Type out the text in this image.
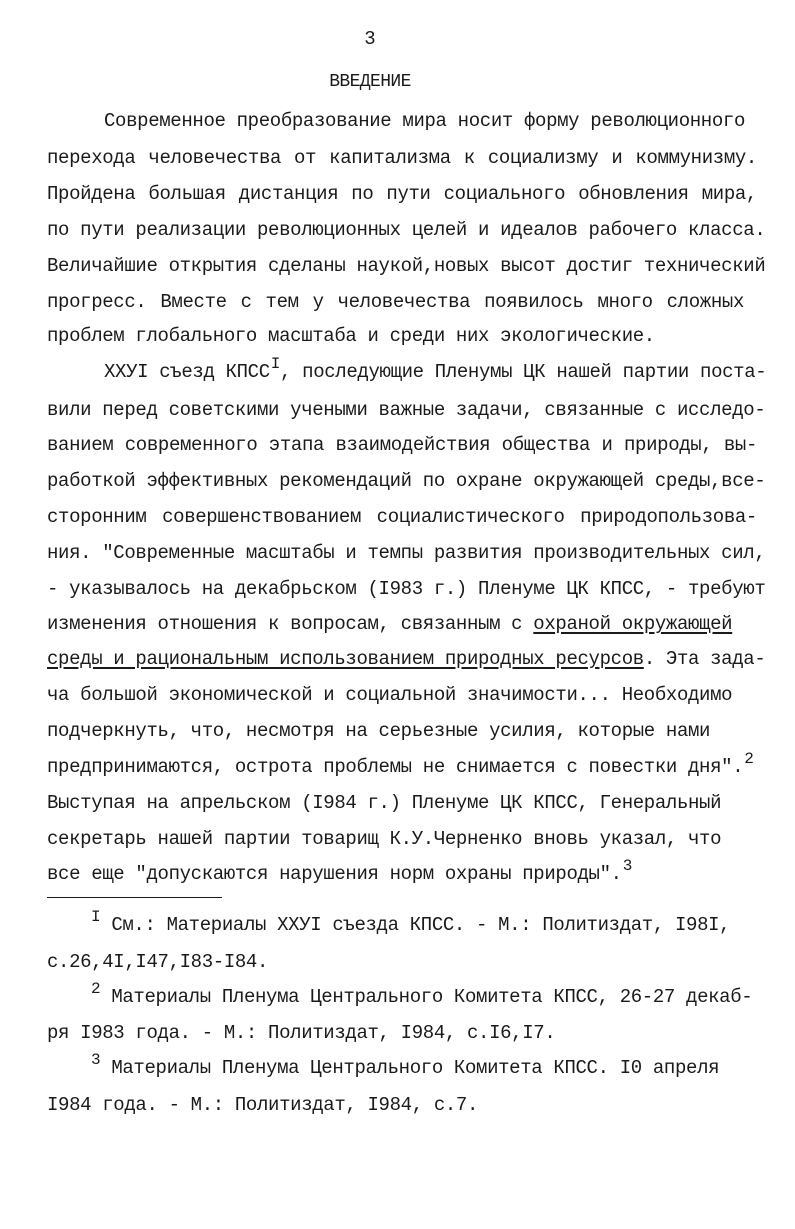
3
ВВЕДЕНИЕ
Современное преобразование мира носит форму революционного
перехода человечества от капитализма к социализму и коммунизму.
Пройдена большая дистанция по пути социального обновления мира,
по пути реализации революционных целей и идеалов рабочего класса.
Величайшие открытия сделаны наукой,новых высот достиг технический
прогресс. Вместе с тем у человечества появилось много сложных
проблем глобального масштаба и среди них экологические.
ХХУI съезд $КПСС^I$, последующие Пленумы ЦК нашей партии поста-
вили перед советскими учеными важные задачи, связанные с исследо-
ванием современного этапа взаимодействия общества и природы, вы-
работкой эффективных рекомендаций по охране окружающей среды,все-
сторонним совершенствованием социалистического природопользова-
ния. "Современные масштабы и темпы развития производительных сил,
- указывалось на декабрьском (I983 г.) Пленуме ЦК КПСС, - требуют
изменения отношения к вопросам, связанным с охраной окружающей
среды и рациональным использованием природных ресурсов. Эта зада-
ча большой экономической и социальной значимости... Необходимо
подчеркнуть, что, несмотря на серьезные усилия, которые нами
предпринимаются, острота проблемы не снимается с повестки дня".$^2$
Выступая на апрельском (I984 г.) Пленуме ЦК КПСС, Генеральный
секретарь нашей партии товарищ К.У.Черненко вновь указал, что
все еще "допускаются нарушения норм охраны природы".$^3$
$^I$ См.: Материалы ХХУI съезда КПСС. - М.: Политиздат, I98I,
с.26,4I,I47,I83-I84.
$^2$ Материалы Пленума Центрального Комитета КПСС, 26-27 декаб-
ря I983 года. - М.: Политиздат, I984, с.I6,I7.
$^3$ Материалы Пленума Центрального Комитета КПСС. I0 апреля
I984 года. - М.: Политиздат, I984, с.7.
